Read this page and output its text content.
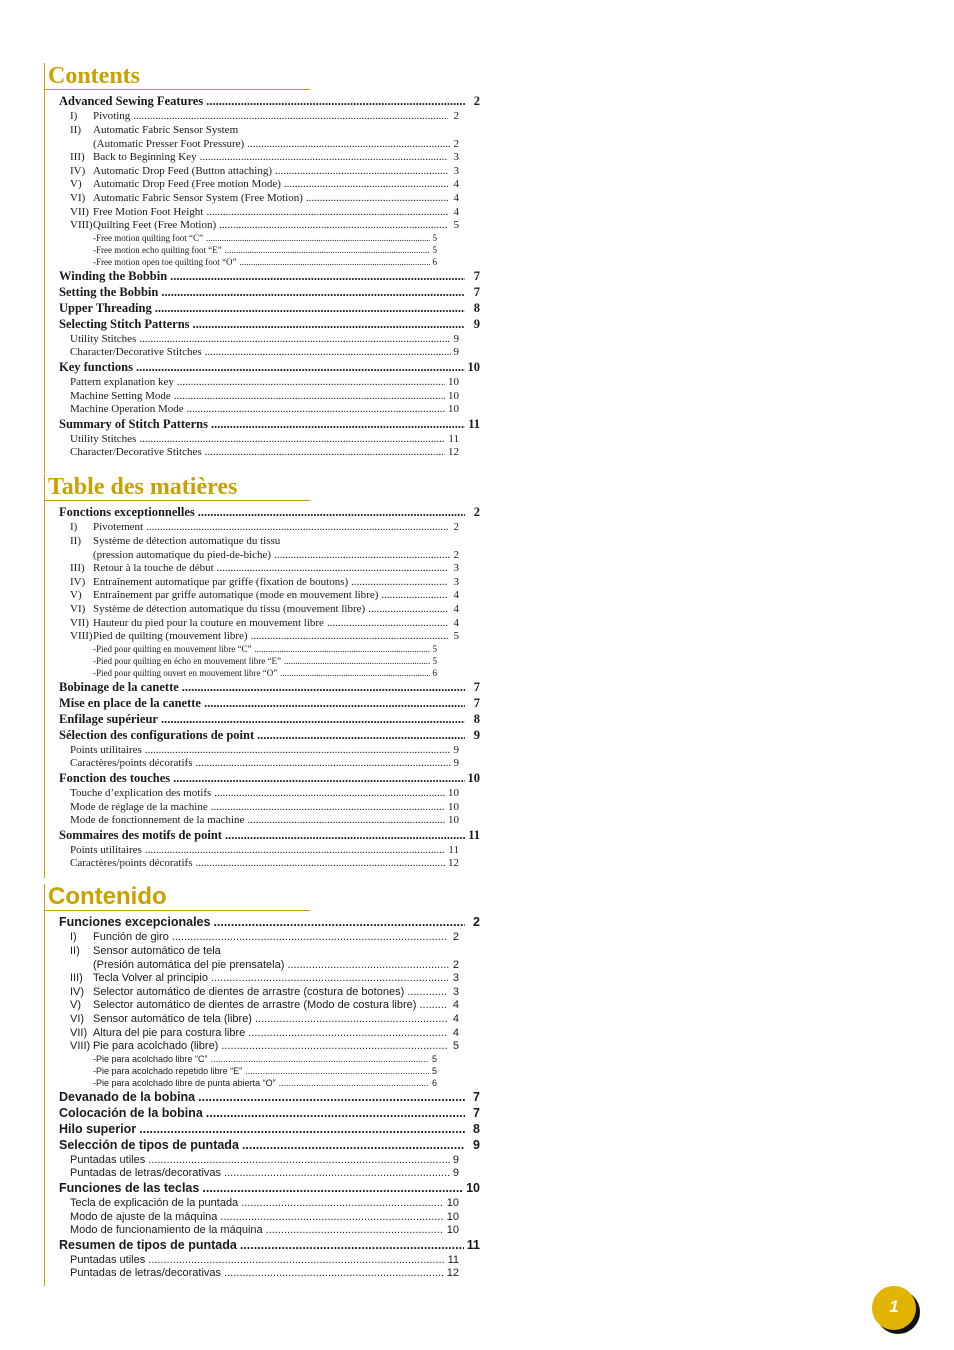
Contents
Advanced Sewing Features .....	2
I) Pivoting .....	2
II) Automatic Fabric Sensor System
(Automatic Presser Foot Pressure) .....	2
III) Back to Beginning Key .....	3
IV) Automatic Drop Feed (Button attaching) .....	3
V) Automatic Drop Feed (Free motion Mode) .....	4
VI) Automatic Fabric Sensor System (Free Motion) .....	4
VII) Free Motion Foot Height .....	4
VIII)Quilting Feet (Free Motion) .....	5
-Free motion quilting foot “C” .....	5
-Free motion echo quilting foot “E” .....	5
-Free motion open toe quilting foot “O” .....	6
Winding the Bobbin .....	7
Setting the Bobbin .....	7
Upper Threading .....	8
Selecting Stitch Patterns .....	9
Utility Stitches .....	9
Character/Decorative Stitches .....	9
Key functions .....	10
Pattern explanation key .....	10
Machine Setting Mode .....	10
Machine Operation Mode .....	10
Summary of Stitch Patterns .....	11
Utility Stitches .....	11
Character/Decorative Stitches .....	12
Table des matières
Fonctions exceptionnelles .....	2
I) Pivotement .....	2
II) Système de détection automatique du tissu
(pression automatique du pied-de-biche) .....	2
III) Retour à la touche de début .....	3
IV) Entraînement automatique par griffe (fixation de boutons) .....	3
V) Entraînement par griffe automatique (mode en mouvement libre) .....	4
VI) Système de détection automatique du tissu (mouvement libre) .....	4
VII) Hauteur du pied pour la couture en mouvement libre .....	4
VIII)Pied de quilting (mouvement libre) .....	5
-Pied pour quilting en mouvement libre “C” .....	5
-Pied pour quilting en écho en mouvement libre “E” .....	5
-Pied pour quilting ouvert en mouvement libre “O” .....	6
Bobinage de la canette .....	7
Mise en place de la canette .....	7
Enfilage supérieur .....	8
Sélection des configurations de point .....	9
Points utilitaires .....	9
Caractères/points décoratifs .....	9
Fonction des touches .....	10
Touche d’explication des motifs .....	10
Mode de réglage de la machine .....	10
Mode de fonctionnement de la machine .....	10
Sommaires des motifs de point .....	11
Points utilitaires .....	11
Caractères/points décoratifs .....	12
Contenido
Funciones excepcionales .....	2
I) Función de giro .....	2
II) Sensor automático de tela
(Presión automática del pie prensatela) .....	2
III) Tecla Volver al principio .....	3
IV) Selector automático de dientes de arrastre (costura de botones) .....	3
V) Selector automático de dientes de arrastre (Modo de costura libre) .....	4
VI) Sensor automático de tela (libre) .....	4
VII) Altura del pie para costura libre .....	4
VIII) Pie para acolchado (libre) .....	5
-Pie para acolchado libre “C” .....	5
-Pie para acolchado repetido libre “E” .....	5
-Pie para acolchado libre de punta abierta “O” .....	6
Devanado de la bobina .....	7
Colocación de la bobina .....	7
Hilo superior .....	8
Selección de tipos de puntada .....	9
Puntadas utiles .....	9
Puntadas de letras/decorativas .....	9
Funciones de las teclas .....	10
Tecla de explicación de la puntada .....	10
Modo de ajuste de la máquina .....	10
Modo de funcionamiento de la máquina .....	10
Resumen de tipos de puntada .....	11
Puntadas utiles .....	11
Puntadas de letras/decorativas .....	12
1
